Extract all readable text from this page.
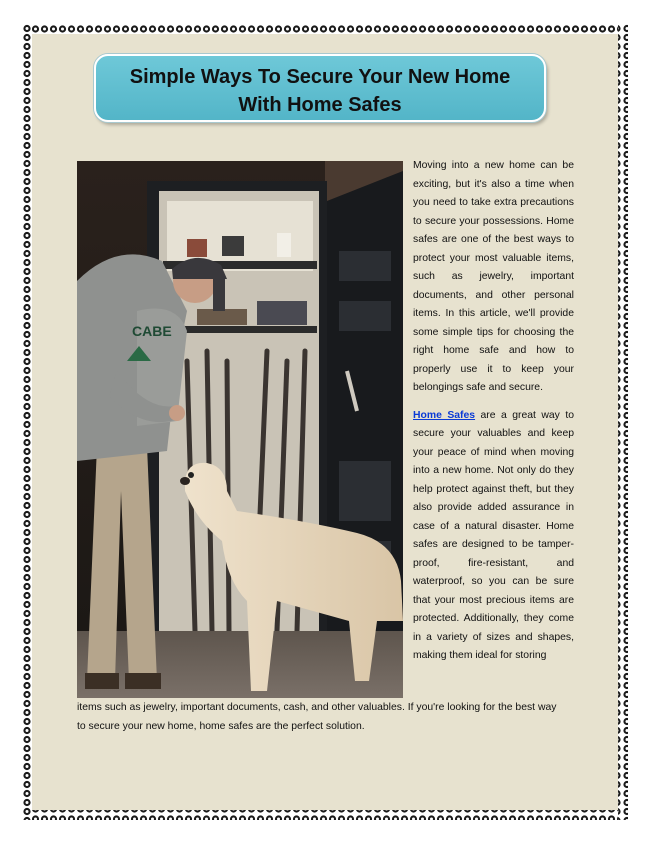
Simple Ways To Secure Your New Home
With Home Safes
CABE

Moving into a new home can be exciting, but it's also a time when you need to take extra precautions to secure your possessions. Home safes are one of the best ways to protect your most valuable items, such as jewelry, important documents, and other personal items. In this article, we'll provide some simple tips for choosing the right home safe and how to properly use it to keep your belongings safe and secure.

Home Safes are a great way to secure your valuables and keep your peace of mind when moving into a new home. Not only do they help protect against theft, but they also provide added assurance in case of a natural disaster. Home safes are designed to be tamper-proof, fire-resistant, and waterproof, so you can be sure that your most precious items are protected. Additionally, they come in a variety of sizes and shapes, making them ideal for storing

items such as jewelry, important documents, cash, and other valuables. If you're looking for the best way

to secure your new home, home safes are the perfect solution.
